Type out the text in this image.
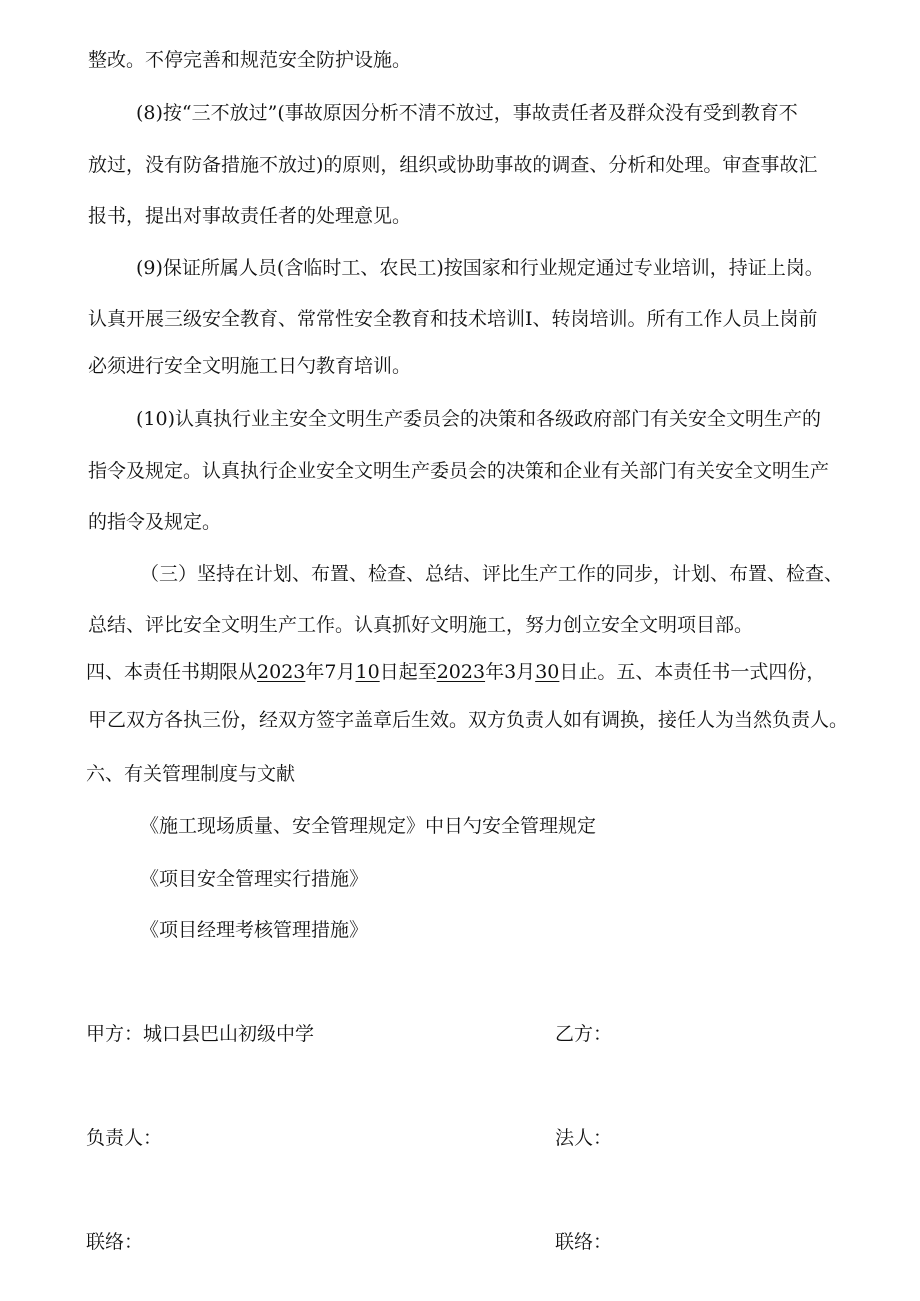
整改。不停完善和规范安全防护设施。
(8)按“三不放过”(事故原因分析不清不放过，事故责任者及群众没有受到教育不
放过，没有防备措施不放过)的原则，组织或协助事故的调查、分析和处理。审查事故汇
报书，提出对事故责任者的处理意见。
(9)保证所属人员(含临时工、农民工)按国家和行业规定通过专业培训，持证上岗。
认真开展三级安全教育、常常性安全教育和技术培训I、转岗培训。所有工作人员上岗前
必须进行安全文明施工日勺教育培训。
(10)认真执行业主安全文明生产委员会的决策和各级政府部门有关安全文明生产的
指令及规定。认真执行企业安全文明生产委员会的决策和企业有关部门有关安全文明生产
的指令及规定。
（三）坚持在计划、布置、检查、总结、评比生产工作的同步，计划、布置、检查、
总结、评比安全文明生产工作。认真抓好文明施工，努力创立安全文明项目部。
四、本责任书期限从2023年7月10日起至2023年3月30日止。五、本责任书一式四份，
甲乙双方各执三份，经双方签字盖章后生效。双方负责人如有调换，接任人为当然负责人。
六、有关管理制度与文献
《施工现场质量、安全管理规定》中日勺安全管理规定
《项目安全管理实行措施》
《项目经理考核管理措施》
甲方：城口县巴山初级中学	乙方：
负责人：	法人：
联络：	联络：
